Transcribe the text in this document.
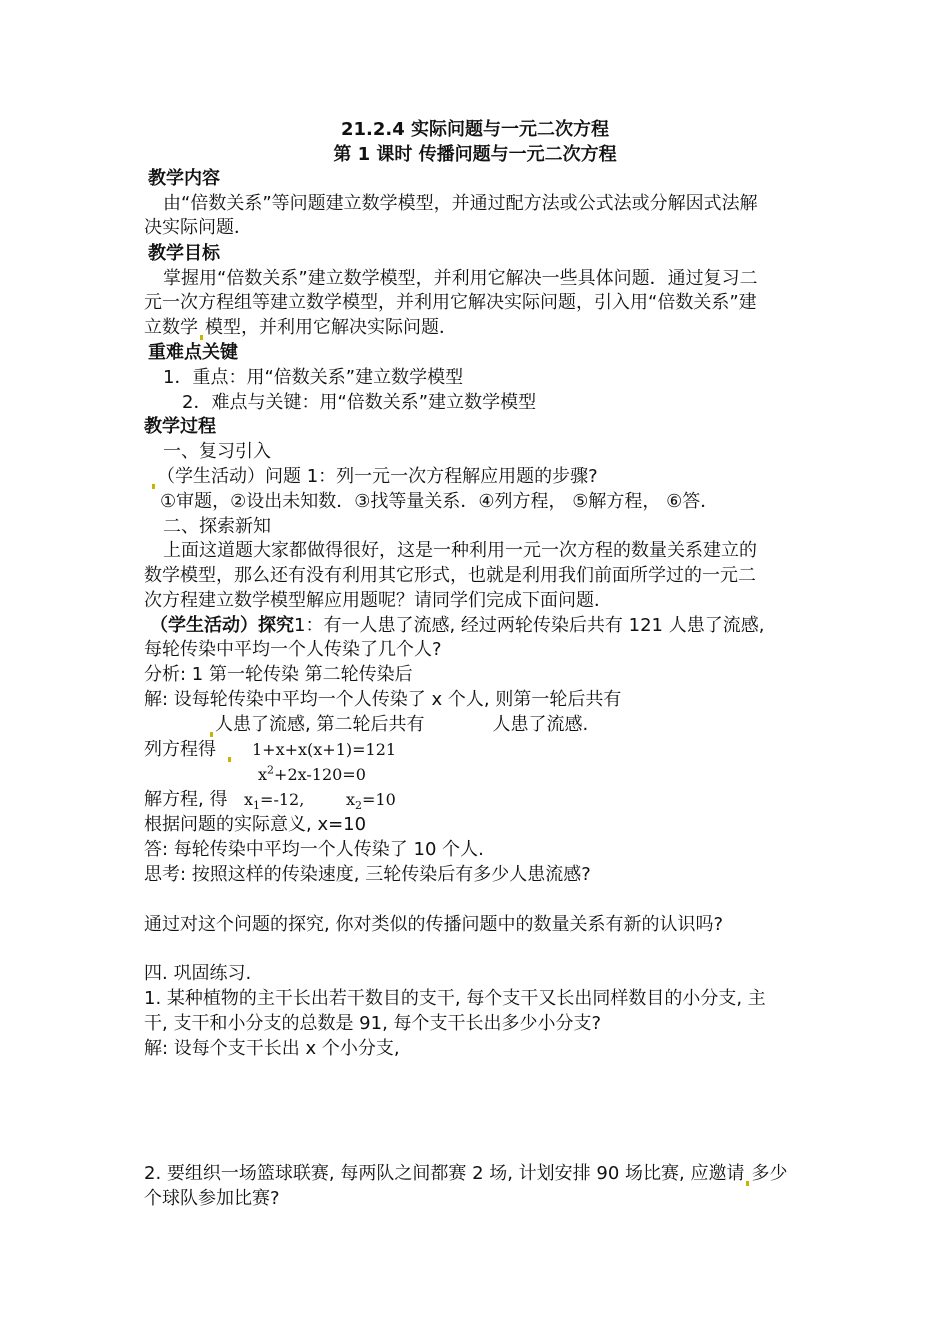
21.2.4 实际问题与一元二次方程
第 1 课时 传播问题与一元二次方程
教学内容
由“倍数关系”等问题建立数学模型，并通过配方法或公式法或分解因式法解
决实际问题．
教学目标
掌握用“倍数关系”建立数学模型，并利用它解决一些具体问题．通过复习二
元一次方程组等建立数学模型，并利用它解决实际问题，引入用“倍数关系”建
立数学 模型，并利用它解决实际问题．
重难点关键
1．重点：用“倍数关系”建立数学模型
2．难点与关键：用“倍数关系”建立数学模型
教学过程
一、复习引入
（学生活动）问题 1：列一元一次方程解应用题的步骤?
①审题，②设出未知数．③找等量关系．④列方程， ⑤解方程， ⑥答．
二、探索新知
上面这道题大家都做得很好，这是一种利用一元一次方程的数量关系建立的
数学模型，那么还有没有利用其它形式，也就是利用我们前面所学过的一元二
次方程建立数学模型解应用题呢？请同学们完成下面问题．
（学生活动）探究1：有一人患了流感, 经过两轮传染后共有 121 人患了流感,
每轮传染中平均一个人传染了几个人?
分析: 1 第一轮传染 第二轮传染后
解: 设每轮传染中平均一个人传染了 x 个人, 则第一轮后共有
人患了流感, 第二轮后共有	人患了流感.
列方程得	1+x+x(x+1)=121
$x^2+2x-120=0$
解方程, 得 $x_1=-12$,	$x_2=10$
根据问题的实际意义, x=10
答: 每轮传染中平均一个人传染了 10 个人.
思考: 按照这样的传染速度, 三轮传染后有多少人患流感?
通过对这个问题的探究, 你对类似的传播问题中的数量关系有新的认识吗?
四. 巩固练习.
1. 某种植物的主干长出若干数目的支干, 每个支干又长出同样数目的小分支, 主
干, 支干和小分支的总数是 91, 每个支干长出多少小分支?
解: 设每个支干长出 x 个小分支,
2. 要组织一场篮球联赛, 每两队之间都赛 2 场, 计划安排 90 场比赛, 应邀请 多少
个球队参加比赛?
